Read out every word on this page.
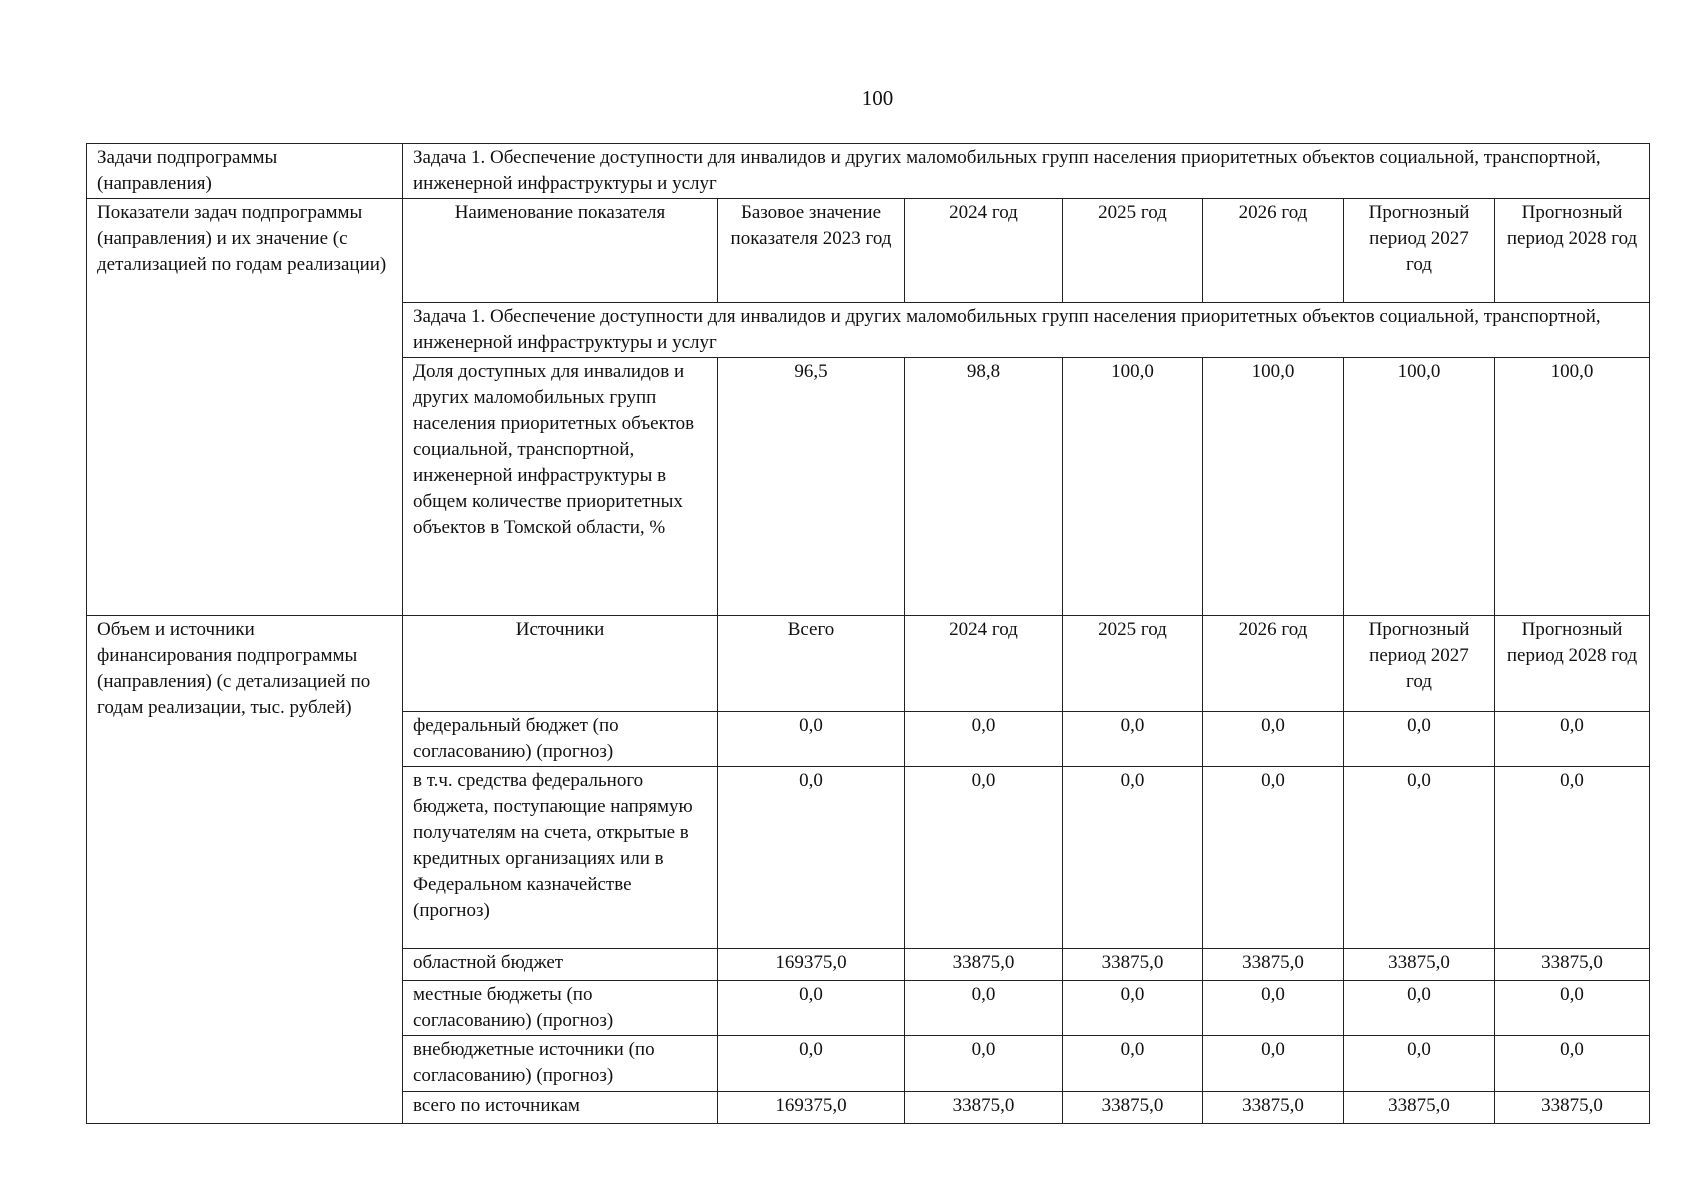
100
Задачи подпрограммы (направления)	Задача 1. Обеспечение доступности для инвалидов и других маломобильных групп населения приоритетных объектов социальной, транспортной, инженерной инфраструктуры и услуг						
Показатели задач подпрограммы (направления) и их значение (с детализацией по годам реализации)	Наименование показателя	Базовое значение показателя 2023 год	2024 год	2025 год	2026 год	Прогнозный период 2027 год	Прогнозный период 2028 год
	Задача 1. Обеспечение доступности для инвалидов и других маломобильных групп населения приоритетных объектов социальной, транспортной, инженерной инфраструктуры и услуг						
	Доля доступных для инвалидов и других маломобильных групп населения приоритетных объектов социальной, транспортной, инженерной инфраструктуры в общем количестве приоритетных объектов в Томской области, %	96,5	98,8	100,0	100,0	100,0	100,0
Объем и источники финансирования подпрограммы (направления) (с детализацией по годам реализации, тыс. рублей)	Источники	Всего	2024 год	2025 год	2026 год	Прогнозный период 2027 год	Прогнозный период 2028 год
	федеральный бюджет (по согласованию) (прогноз)	0,0	0,0	0,0	0,0	0,0	0,0
	в т.ч. средства федерального бюджета, поступающие напрямую получателям на счета, открытые в кредитных организациях или в Федеральном казначействе (прогноз)	0,0	0,0	0,0	0,0	0,0	0,0
	областной бюджет	169375,0	33875,0	33875,0	33875,0	33875,0	33875,0
	местные бюджеты (по согласованию) (прогноз)	0,0	0,0	0,0	0,0	0,0	0,0
	внебюджетные источники (по согласованию) (прогноз)	0,0	0,0	0,0	0,0	0,0	0,0
	всего по источникам	169375,0	33875,0	33875,0	33875,0	33875,0	33875,0
